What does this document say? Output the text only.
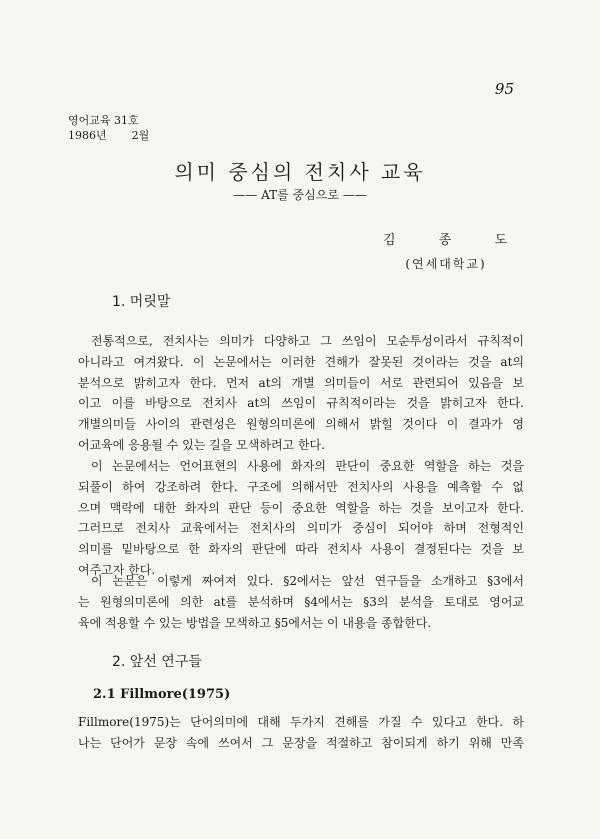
95
영어교육 31호
1986년 2월
의미 중심의 전치사 교육
—— AT를 중심으로 ——
김	종	도
(연세대학교)
1. 머릿말
전통적으로, 전치사는 의미가 다양하고 그 쓰임이 모순투성이라서 규칙적이
아니라고 여겨왔다. 이 논문에서는 이러한 견해가 잘못된 것이라는 것을 at의
분석으로 밝히고자 한다. 먼저 at의 개별 의미들이 서로 관련되어 있음을 보
이고 이를 바탕으로 전치사 at의 쓰임이 규칙적이라는 것을 밝히고자 한다.
개별의미들 사이의 관련성은 원형의미론에 의해서 밝힐 것이다 이 결과가 영
어교육에 응용될 수 있는 길을 모색하려고 한다.
이 논문에서는 언어표현의 사용에 화자의 판단이 중요한 역할을 하는 것을
되풀이 하여 강조하려 한다. 구조에 의해서만 전치사의 사용을 예측할 수 없
으며 맥락에 대한 화자의 판단 등이 중요한 역할을 하는 것을 보이고자 한다.
그러므로 전치사 교육에서는 전치사의 의미가 중심이 되어야 하며 전형적인
의미를 밑바탕으로 한 화자의 판단에 따라 전치사 사용이 결정된다는 것을 보
여주고자 한다.
이 논문은 이렇게 짜여져 있다. §2에서는 앞선 연구들을 소개하고 §3에서
는 원형의미론에 의한 at를 분석하며 §4에서는 §3의 분석을 토대로 영어교
육에 적용할 수 있는 방법을 모색하고 §5에서는 이 내용을 종합한다.
2. 앞선 연구들
2.1 Fillmore(1975)
Fillmore(1975)는 단어의미에 대해 두가지 견해를 가질 수 있다고 한다. 하
나는 단어가 문장 속에 쓰여서 그 문장을 적절하고 참이되게 하기 위해 만족
